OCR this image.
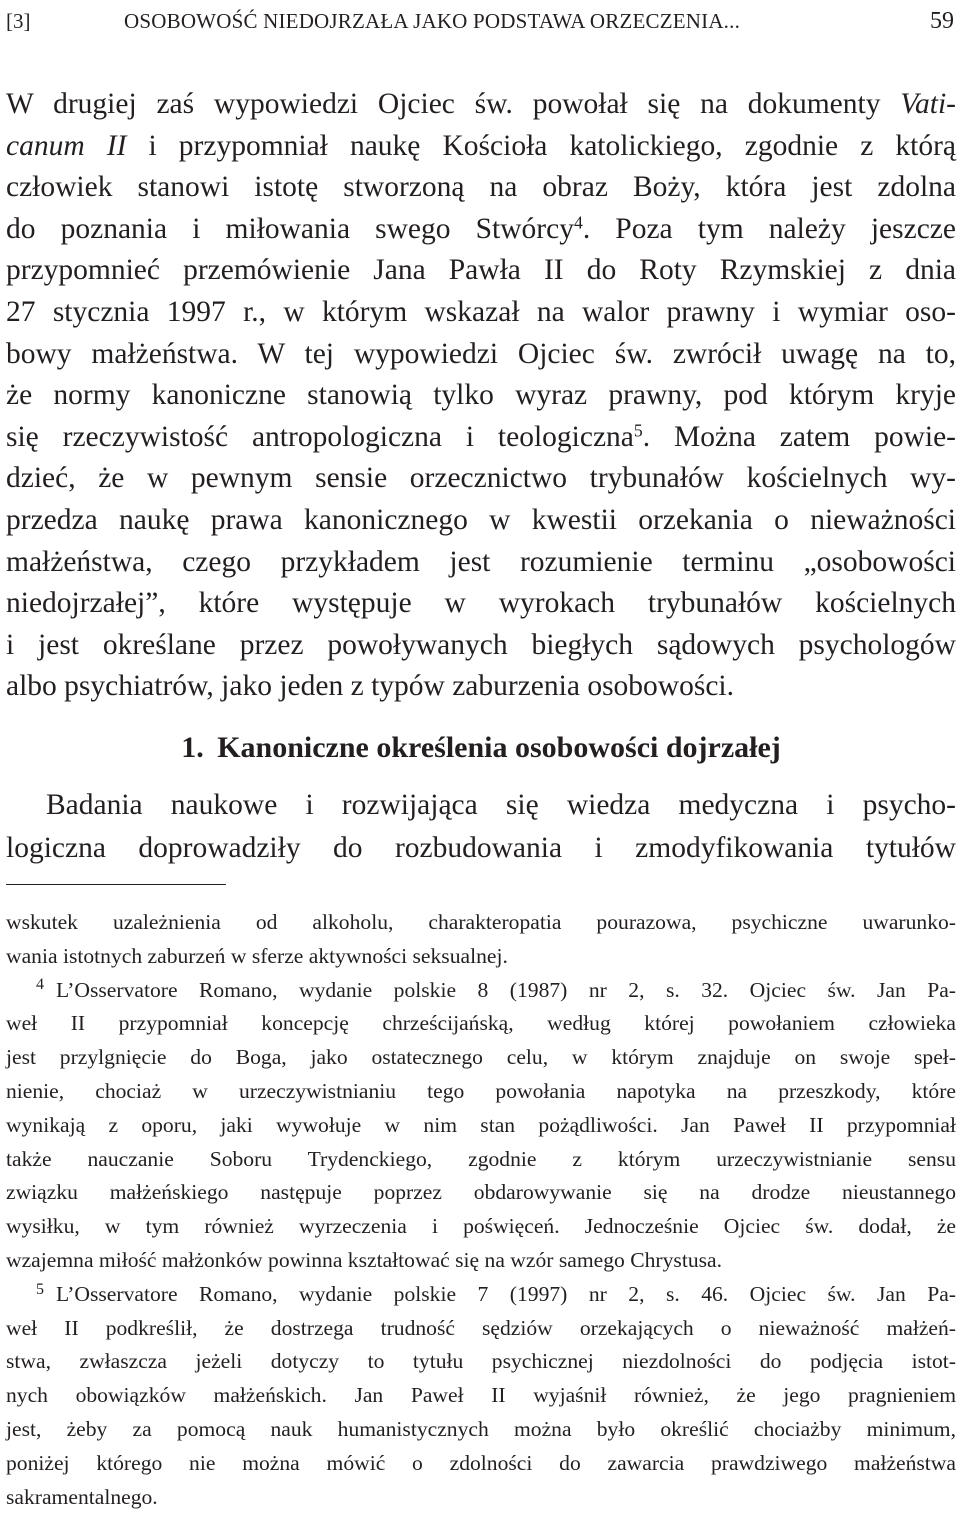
[3]	OSOBOWOŚĆ NIEDOJRZAŁA JAKO PODSTAWA ORZECZENIA...	59
W drugiej zaś wypowiedzi Ojciec św. powołał się na dokumenty Vati-
canum II i przypomniał naukę Kościoła katolickiego, zgodnie z którą
człowiek stanowi istotę stworzoną na obraz Boży, która jest zdolna
do poznania i miłowania swego Stwórcy$^4$. Poza tym należy jeszcze
przypomnieć przemówienie Jana Pawła II do Roty Rzymskiej z dnia
27 stycznia 1997 r., w którym wskazał na walor prawny i wymiar oso-
bowy małżeństwa. W tej wypowiedzi Ojciec św. zwrócił uwagę na to,
że normy kanoniczne stanowią tylko wyraz prawny, pod którym kryje
się rzeczywistość antropologiczna i teologiczna$^5$. Można zatem powie-
dzieć, że w pewnym sensie orzecznictwo trybunałów kościelnych wy-
przedza naukę prawa kanonicznego w kwestii orzekania o nieważności
małżeństwa, czego przykładem jest rozumienie terminu „osobowości
niedojrzałej”, które występuje w wyrokach trybunałów kościelnych
i jest określane przez powoływanych biegłych sądowych psychologów
albo psychiatrów, jako jeden z typów zaburzenia osobowości.
1. Kanoniczne określenia osobowości dojrzałej
Badania naukowe i rozwijająca się wiedza medyczna i psycho-
logiczna doprowadziły do rozbudowania i zmodyfikowania tytułów
wskutek uzależnienia od alkoholu, charakteropatia pourazowa, psychiczne uwarunko-
wania istotnych zaburzeń w sferze aktywności seksualnej.
4 L’Osservatore Romano, wydanie polskie 8 (1987) nr 2, s. 32. Ojciec św. Jan Pa-
weł II przypomniał koncepcję chrześcijańską, według której powołaniem człowieka
jest przylgnięcie do Boga, jako ostatecznego celu, w którym znajduje on swoje speł-
nienie, chociaż w urzeczywistnianiu tego powołania napotyka na przeszkody, które
wynikają z oporu, jaki wywołuje w nim stan pożądliwości. Jan Paweł II przypomniał
także nauczanie Soboru Trydenckiego, zgodnie z którym urzeczywistnianie sensu
związku małżeńskiego następuje poprzez obdarowywanie się na drodze nieustannego
wysiłku, w tym również wyrzeczenia i poświęceń. Jednocześnie Ojciec św. dodał, że
wzajemna miłość małżonków powinna kształtować się na wzór samego Chrystusa.
5 L’Osservatore Romano, wydanie polskie 7 (1997) nr 2, s. 46. Ojciec św. Jan Pa-
weł II podkreślił, że dostrzega trudność sędziów orzekających o nieważność małżeń-
stwa, zwłaszcza jeżeli dotyczy to tytułu psychicznej niezdolności do podjęcia istot-
nych obowiązków małżeńskich. Jan Paweł II wyjaśnił również, że jego pragnieniem
jest, żeby za pomocą nauk humanistycznych można było określić chociażby minimum,
poniżej którego nie można mówić o zdolności do zawarcia prawdziwego małżeństwa
sakramentalnego.
